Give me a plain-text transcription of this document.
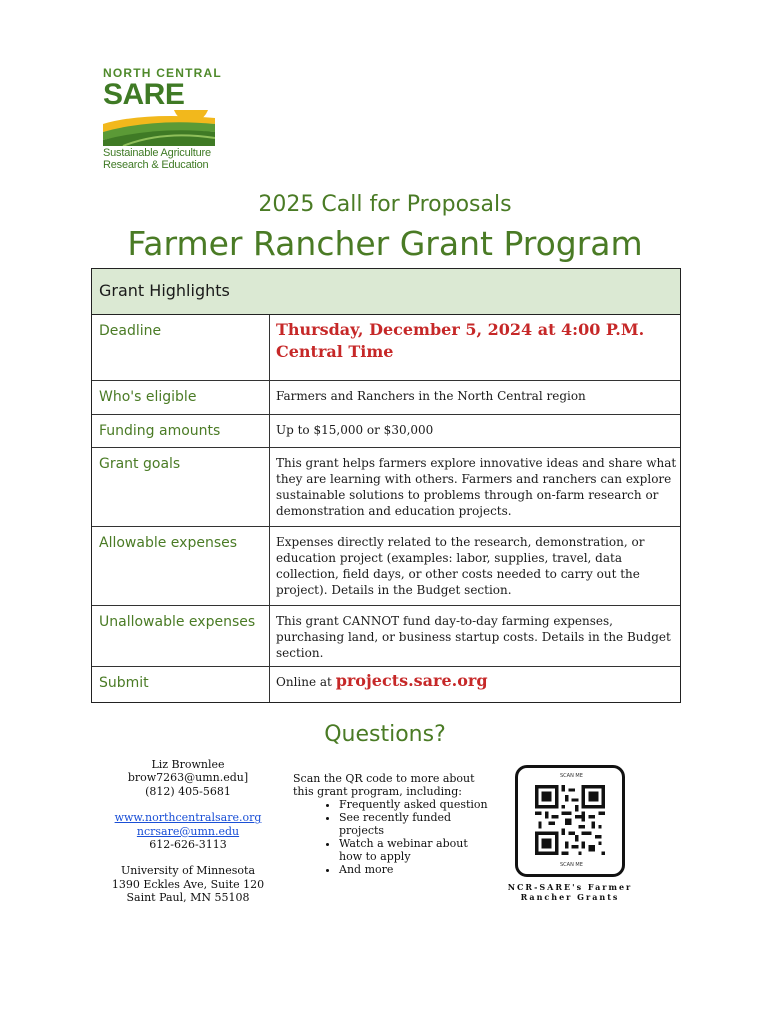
NORTH CENTRAL
SARE
Sustainable Agriculture
Research & Education
2025 Call for Proposals
Farmer Rancher Grant Program
Grant Highlights
Deadline	Thursday, December 5, 2024 at 4:00 P.M. Central Time
Who's eligible	Farmers and Ranchers in the North Central region
Funding amounts	Up to $15,000 or $30,000
Grant goals	This grant helps farmers explore innovative ideas and share what they are learning with others. Farmers and ranchers can explore sustainable solutions to problems through on-farm research or demonstration and education projects.
Allowable expenses	Expenses directly related to the research, demonstration, or education project (examples: labor, supplies, travel, data collection, field days, or other costs needed to carry out the project). Details in the Budget section.
Unallowable expenses	This grant CANNOT fund day-to-day farming expenses, purchasing land, or business startup costs. Details in the Budget section.
Submit	Online at projects.sare.org
Questions?
Liz Brownlee
brow7263@umn.edu]
(812) 405-5681
www.northcentralsare.org
ncrsare@umn.edu
612-626-3113
University of Minnesota
1390 Eckles Ave, Suite 120
Saint Paul, MN 55108
Scan the QR code to more about this grant program, including:
• Frequently asked question
• See recently funded projects
• Watch a webinar about how to apply
• And more
SCAN ME
SCAN ME
NCR-SARE's Farmer Rancher Grants
